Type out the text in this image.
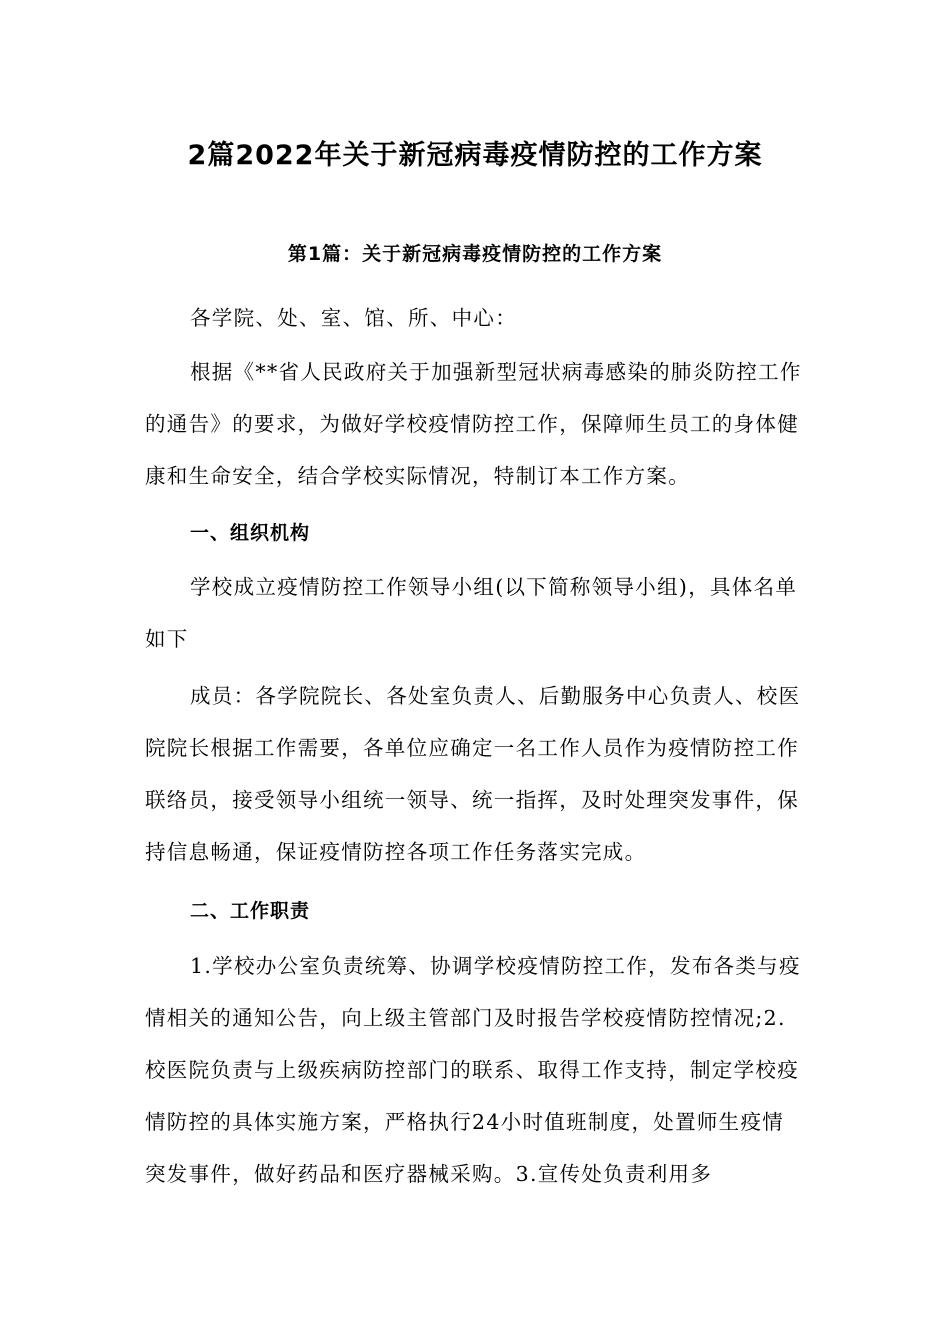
2篇2022年关于新冠病毒疫情防控的工作方案
第1篇：关于新冠病毒疫情防控的工作方案

各学院、处、室、馆、所、中心：

根据《**省人民政府关于加强新型冠状病毒感染的肺炎防控工作的通告》的要求，为做好学校疫情防控工作，保障师生员工的身体健康和生命安全，结合学校实际情况，特制订本工作方案。

一、组织机构

学校成立疫情防控工作领导小组(以下简称领导小组)，具体名单如下

成员：各学院院长、各处室负责人、后勤服务中心负责人、校医院院长根据工作需要，各单位应确定一名工作人员作为疫情防控工作联络员，接受领导小组统一领导、统一指挥，及时处理突发事件，保持信息畅通，保证疫情防控各项工作任务落实完成。

二、工作职责

1.学校办公室负责统筹、协调学校疫情防控工作，发布各类与疫情相关的通知公告，向上级主管部门及时报告学校疫情防控情况;2.校医院负责与上级疾病防控部门的联系、取得工作支持，制定学校疫情防控的具体实施方案，严格执行24小时值班制度，处置师生疫情突发事件，做好药品和医疗器械采购。3.宣传处负责利用多
